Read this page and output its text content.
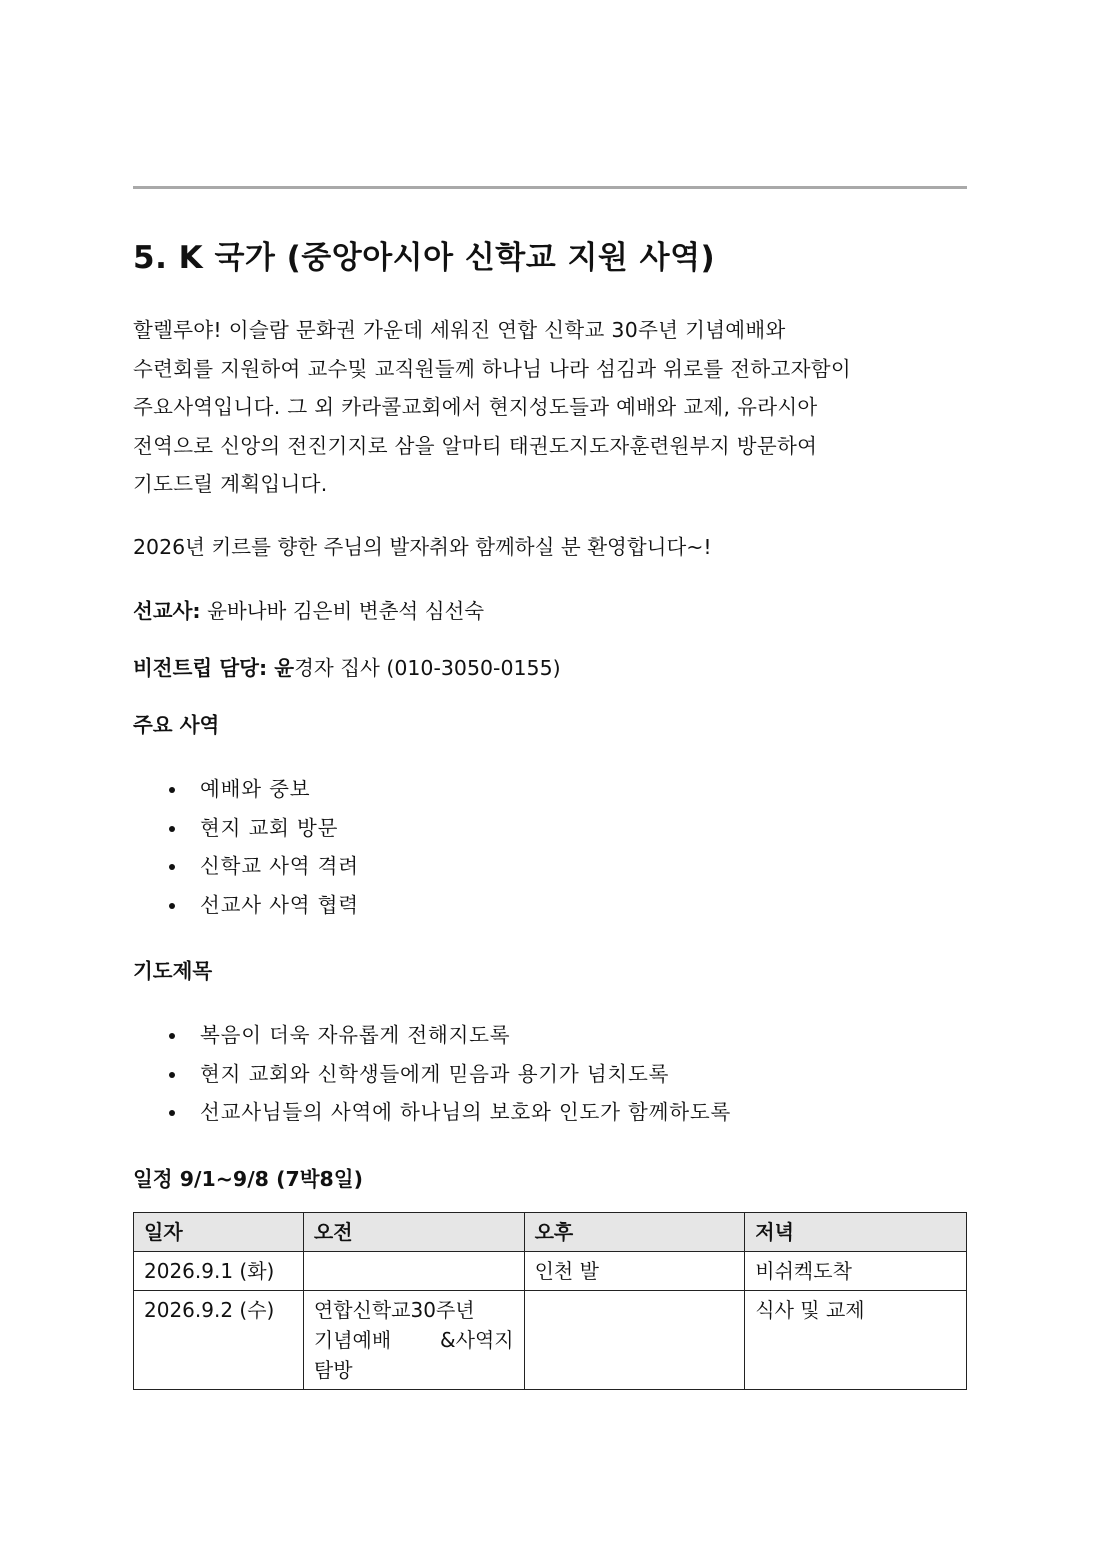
5. K 국가 (중앙아시아 신학교 지원 사역)
할렐루야! 이슬람 문화권 가운데 세워진 연합 신학교 30주년 기념예배와
수련회를 지원하여 교수및 교직원들께 하나님 나라 섬김과 위로를 전하고자함이
주요사역입니다. 그 외 카라콜교회에서 현지성도들과 예배와 교제, 유라시아
전역으로 신앙의 전진기지로 삼을 알마티 태권도지도자훈련원부지 방문하여
기도드릴 계획입니다.

2026년 키르를 향한 주님의 발자취와 함께하실 분 환영합니다~!

선교사: 윤바나바 김은비 변춘석 심선숙

비전트립 담당: 윤경자 집사 (010-3050-0155)

주요 사역
예배와 중보
현지 교회 방문
신학교 사역 격려
선교사 사역 협력
기도제목
복음이 더욱 자유롭게 전해지도록
현지 교회와 신학생들에게 믿음과 용기가 넘치도록
선교사님들의 사역에 하나님의 보호와 인도가 함께하도록
일정 9/1~9/8 (7박8일)
일자	오전	오후	저녁
2026.9.1 (화)		인천 발	비쉬켁도착
2026.9.2 (수)	연합신학교30주년
기념예배 &사역지
탐방		식사 및 교제
